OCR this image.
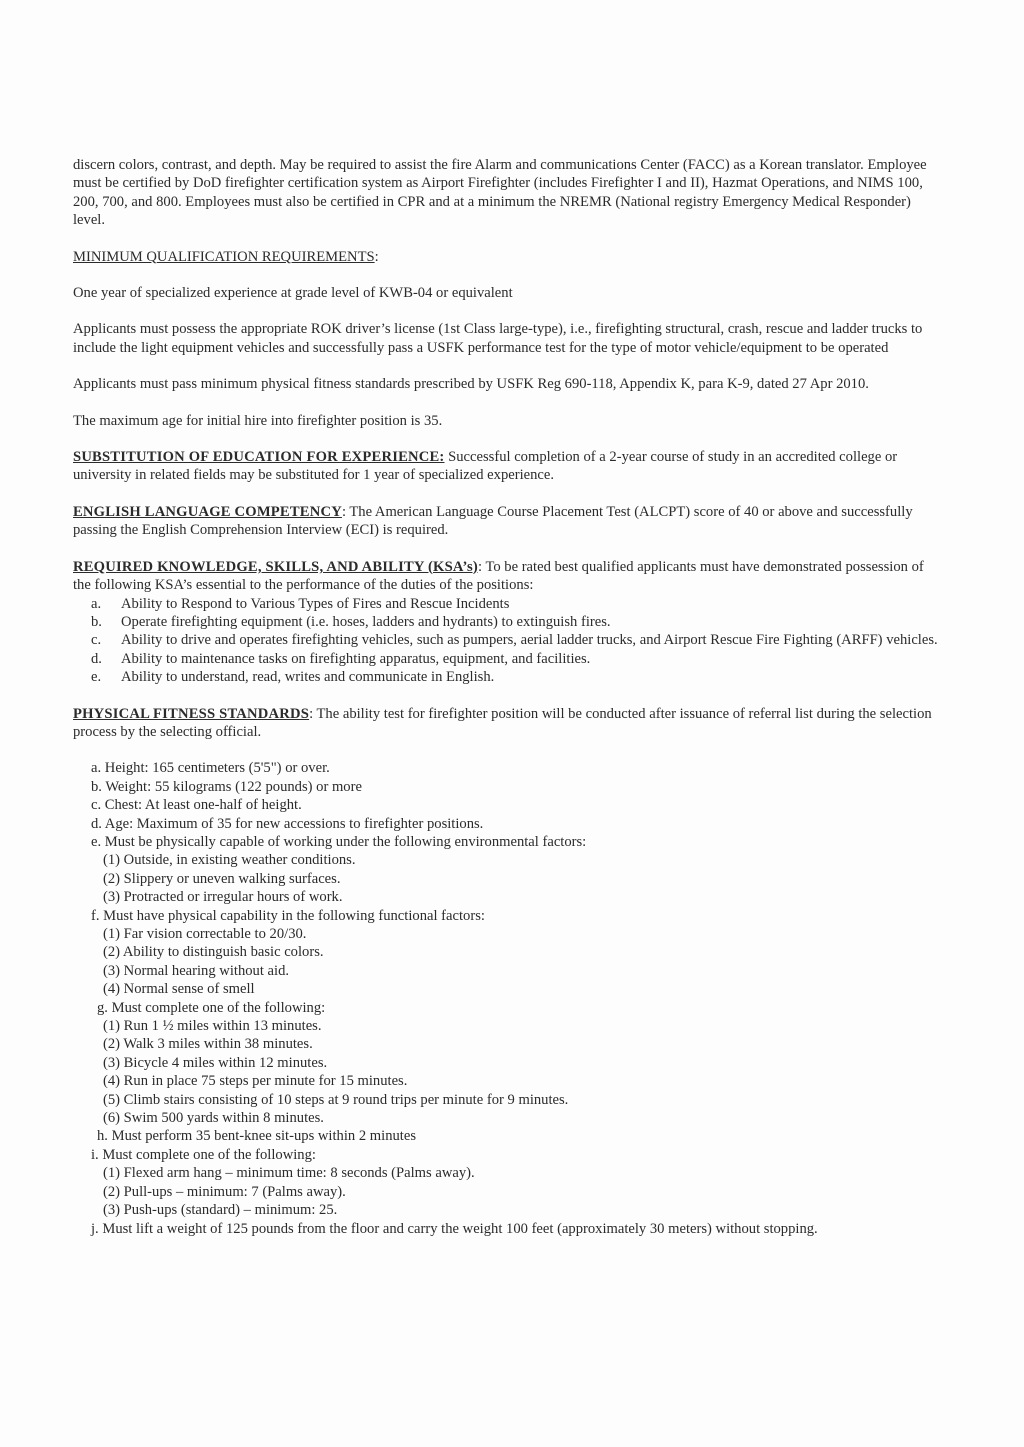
discern colors, contrast, and depth. May be required to assist the fire Alarm and communications Center (FACC) as a Korean translator. Employee must be certified by DoD firefighter certification system as Airport Firefighter (includes Firefighter I and II), Hazmat Operations, and NIMS 100, 200, 700, and 800. Employees must also be certified in CPR and at a minimum the NREMR (National registry Emergency Medical Responder) level.

MINIMUM QUALIFICATION REQUIREMENTS:

One year of specialized experience at grade level of KWB-04 or equivalent

Applicants must possess the appropriate ROK driver’s license (1st Class large-type), i.e., firefighting structural, crash, rescue and ladder trucks to include the light equipment vehicles and successfully pass a USFK performance test for the type of motor vehicle/equipment to be operated

Applicants must pass minimum physical fitness standards prescribed by USFK Reg 690-118, Appendix K, para K-9, dated 27 Apr 2010.

The maximum age for initial hire into firefighter position is 35.

SUBSTITUTION OF EDUCATION FOR EXPERIENCE: Successful completion of a 2-year course of study in an accredited college or university in related fields may be substituted for 1 year of specialized experience.

ENGLISH LANGUAGE COMPETENCY: The American Language Course Placement Test (ALCPT) score of 40 or above and successfully passing the English Comprehension Interview (ECI) is required.

REQUIRED KNOWLEDGE, SKILLS, AND ABILITY (KSA’s): To be rated best qualified applicants must have demonstrated possession of the following KSA’s essential to the performance of the duties of the positions:

a. Ability to Respond to Various Types of Fires and Rescue Incidents
b. Operate firefighting equipment (i.e. hoses, ladders and hydrants) to extinguish fires.
c. Ability to drive and operates firefighting vehicles, such as pumpers, aerial ladder trucks, and Airport Rescue Fire Fighting (ARFF) vehicles.
d. Ability to maintenance tasks on firefighting apparatus, equipment, and facilities.
e. Ability to understand, read, writes and communicate in English.

PHYSICAL FITNESS STANDARDS: The ability test for firefighter position will be conducted after issuance of referral list during the selection process by the selecting official.

a. Height: 165 centimeters (5'5") or over.
b. Weight: 55 kilograms (122 pounds) or more
c. Chest: At least one-half of height.
d. Age: Maximum of 35 for new accessions to firefighter positions.
e. Must be physically capable of working under the following environmental factors:
(1) Outside, in existing weather conditions.
(2) Slippery or uneven walking surfaces.
(3) Protracted or irregular hours of work.
f. Must have physical capability in the following functional factors:
(1) Far vision correctable to 20/30.
(2) Ability to distinguish basic colors.
(3) Normal hearing without aid.
(4) Normal sense of smell
g. Must complete one of the following:
(1) Run 1 ½ miles within 13 minutes.
(2) Walk 3 miles within 38 minutes.
(3) Bicycle 4 miles within 12 minutes.
(4) Run in place 75 steps per minute for 15 minutes.
(5) Climb stairs consisting of 10 steps at 9 round trips per minute for 9 minutes.
(6) Swim 500 yards within 8 minutes.
h. Must perform 35 bent-knee sit-ups within 2 minutes
i. Must complete one of the following:
(1) Flexed arm hang – minimum time: 8 seconds (Palms away).
(2) Pull-ups – minimum: 7 (Palms away).
(3) Push-ups (standard) – minimum: 25.
j. Must lift a weight of 125 pounds from the floor and carry the weight 100 feet (approximately 30 meters) without stopping.
